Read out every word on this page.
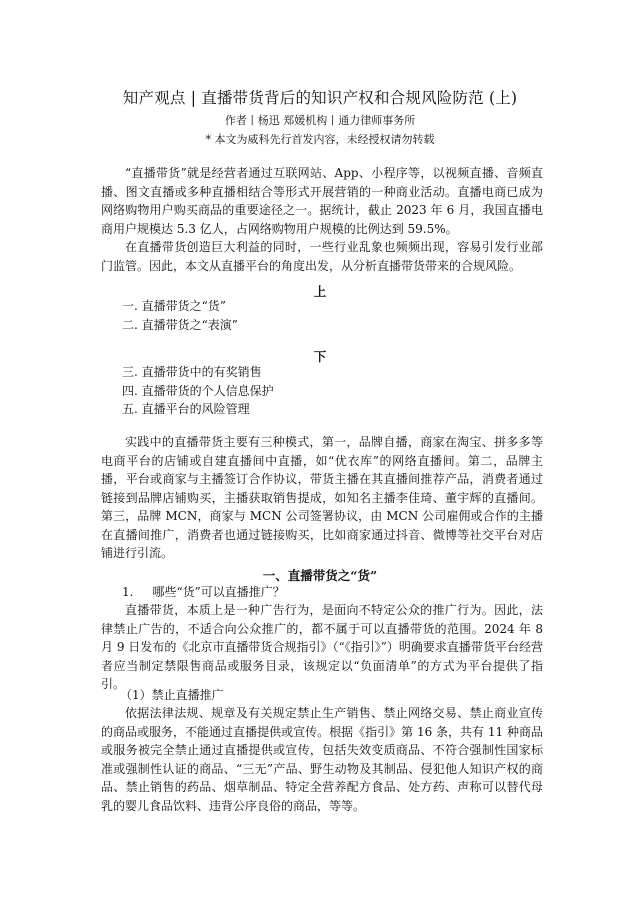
知产观点 | 直播带货背后的知识产权和合规风险防范 (上)
作者丨杨迅 郑媛机构丨通力律师事务所
* 本文为威科先行首发内容，未经授权请勿转载

“直播带货”就是经营者通过互联网站、App、小程序等，以视频直播、音频直播、图文直播或多种直播相结合等形式开展营销的一种商业活动。直播电商已成为网络购物用户购买商品的重要途径之一。据统计，截止 2023 年 6 月，我国直播电商用户规模达 5.3 亿人，占网络购物用户规模的比例达到 59.5%。

在直播带货创造巨大利益的同时，一些行业乱象也频频出现，容易引发行业部门监管。因此，本文从直播平台的角度出发，从分析直播带货带来的合规风险。

上
一. 直播带货之“货”
二. 直播带货之“表演”
下
三. 直播带货中的有奖销售
四. 直播带货的个人信息保护
五. 直播平台的风险管理

实践中的直播带货主要有三种模式，第一，品牌自播，商家在淘宝、拼多多等电商平台的店铺或自建直播间中直播，如“优衣库”的网络直播间。第二，品牌主播，平台或商家与主播签订合作协议，带货主播在其直播间推荐产品，消费者通过链接到品牌店铺购买，主播获取销售提成，如知名主播李佳琦、董宇辉的直播间。第三，品牌 MCN，商家与 MCN 公司签署协议，由 MCN 公司雇佣或合作的主播在直播间推广，消费者也通过链接购买，比如商家通过抖音、微博等社交平台对店铺进行引流。

一、直播带货之“货”
1.     哪些“货”可以直播推广？

直播带货，本质上是一种广告行为，是面向不特定公众的推广行为。因此，法律禁止广告的，不适合向公众推广的，都不属于可以直播带货的范围。2024 年 8 月 9 日发布的《北京市直播带货合规指引》（“《指引》”）明确要求直播带货平台经营者应当制定禁限售商品或服务目录，该规定以“负面清单”的方式为平台提供了指引。

（1）禁止直播推广

依据法律法规、规章及有关规定禁止生产销售、禁止网络交易、禁止商业宣传的商品或服务，不能通过直播提供或宣传。根据《指引》第 16 条，共有 11 种商品或服务被完全禁止通过直播提供或宣传，包括失效变质商品、不符合强制性国家标准或强制性认证的商品、“三无”产品、野生动物及其制品、侵犯他人知识产权的商品、禁止销售的药品、烟草制品、特定全营养配方食品、处方药、声称可以替代母乳的婴儿食品饮料、违背公序良俗的商品，等等。
